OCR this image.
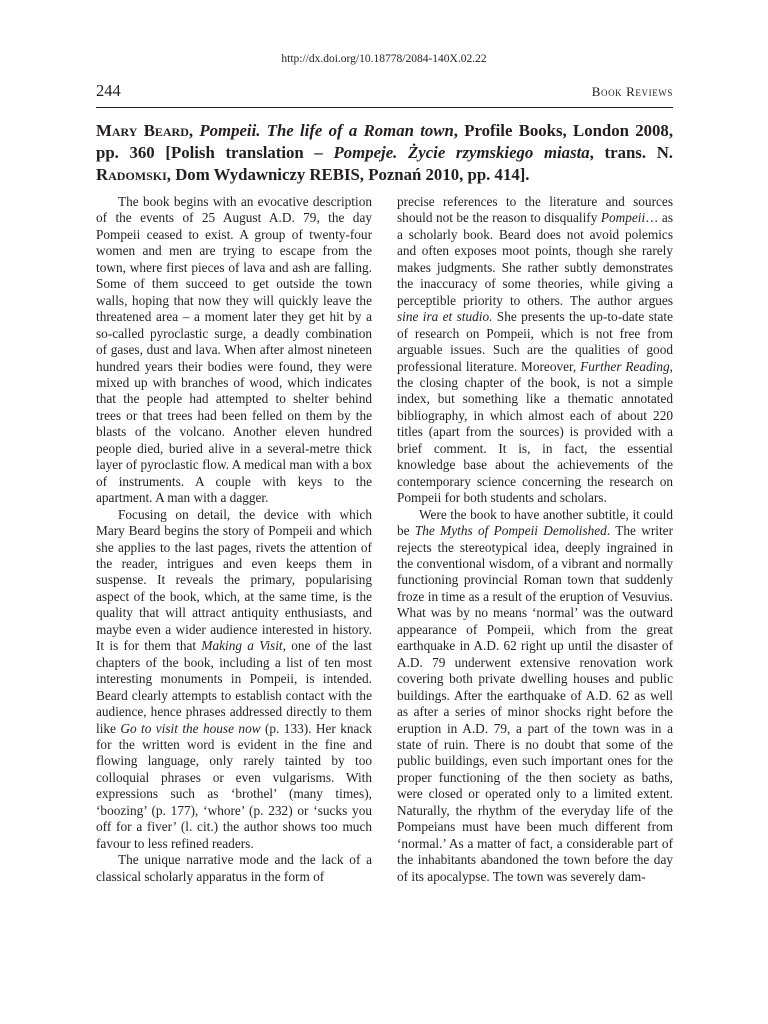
http://dx.doi.org/10.18778/2084-140X.02.22
244	Book Reviews
Mary Beard, Pompeii. The life of a Roman town, Profile Books, London 2008, pp. 360 [Polish translation – Pompeje. Życie rzymskiego miasta, trans. N. Radomski, Dom Wydawniczy REBIS, Poznań 2010, pp. 414].

The book begins with an evocative description of the events of 25 August A.D. 79, the day Pompeii ceased to exist. A group of twenty-four women and men are trying to escape from the town, where first pieces of lava and ash are falling. Some of them succeed to get outside the town walls, hoping that now they will quickly leave the threatened area – a moment later they get hit by a so-called pyroclastic surge, a deadly combination of gases, dust and lava. When after almost nineteen hundred years their bodies were found, they were mixed up with branches of wood, which indicates that the people had attempted to shelter behind trees or that trees had been felled on them by the blasts of the volcano. Another eleven hundred people died, buried alive in a several-metre thick layer of pyroclastic flow. A medical man with a box of instruments. A couple with keys to the apartment. A man with a dagger.

Focusing on detail, the device with which Mary Beard begins the story of Pompeii and which she applies to the last pages, rivets the attention of the reader, intrigues and even keeps them in suspense. It reveals the primary, popularising aspect of the book, which, at the same time, is the quality that will attract antiquity enthusiasts, and maybe even a wider audience interested in history. It is for them that Making a Visit, one of the last chapters of the book, including a list of ten most interesting monuments in Pompeii, is intended. Beard clearly attempts to establish contact with the audience, hence phrases addressed directly to them like Go to visit the house now (p. 133). Her knack for the written word is evident in the fine and flowing language, only rarely tainted by too colloquial phrases or even vulgarisms. With expressions such as ‘brothel’ (many times), ‘boozing’ (p. 177), ‘whore’ (p. 232) or ‘sucks you off for a fiver’ (l. cit.) the author shows too much favour to less refined readers.

The unique narrative mode and the lack of a classical scholarly apparatus in the form of

precise references to the literature and sources should not be the reason to disqualify Pompeii… as a scholarly book. Beard does not avoid polemics and often exposes moot points, though she rarely makes judgments. She rather subtly demonstrates the inaccuracy of some theories, while giving a perceptible priority to others. The author argues sine ira et studio. She presents the up-to-date state of research on Pompeii, which is not free from arguable issues. Such are the qualities of good professional literature. Moreover, Further Reading, the closing chapter of the book, is not a simple index, but something like a thematic annotated bibliography, in which almost each of about 220 titles (apart from the sources) is provided with a brief comment. It is, in fact, the essential knowledge base about the achievements of the contemporary science concerning the research on Pompeii for both students and scholars.

Were the book to have another subtitle, it could be The Myths of Pompeii Demolished. The writer rejects the stereotypical idea, deeply ingrained in the conventional wisdom, of a vibrant and normally functioning provincial Roman town that suddenly froze in time as a result of the eruption of Vesuvius. What was by no means ‘normal’ was the outward appearance of Pompeii, which from the great earthquake in A.D. 62 right up until the disaster of A.D. 79 underwent extensive renovation work covering both private dwelling houses and public buildings. After the earthquake of A.D. 62 as well as after a series of minor shocks right before the eruption in A.D. 79, a part of the town was in a state of ruin. There is no doubt that some of the public buildings, even such important ones for the proper functioning of the then society as baths, were closed or operated only to a limited extent. Naturally, the rhythm of the everyday life of the Pompeians must have been much different from ‘normal.’ As a matter of fact, a considerable part of the inhabitants abandoned the town before the day of its apocalypse. The town was severely dam-
